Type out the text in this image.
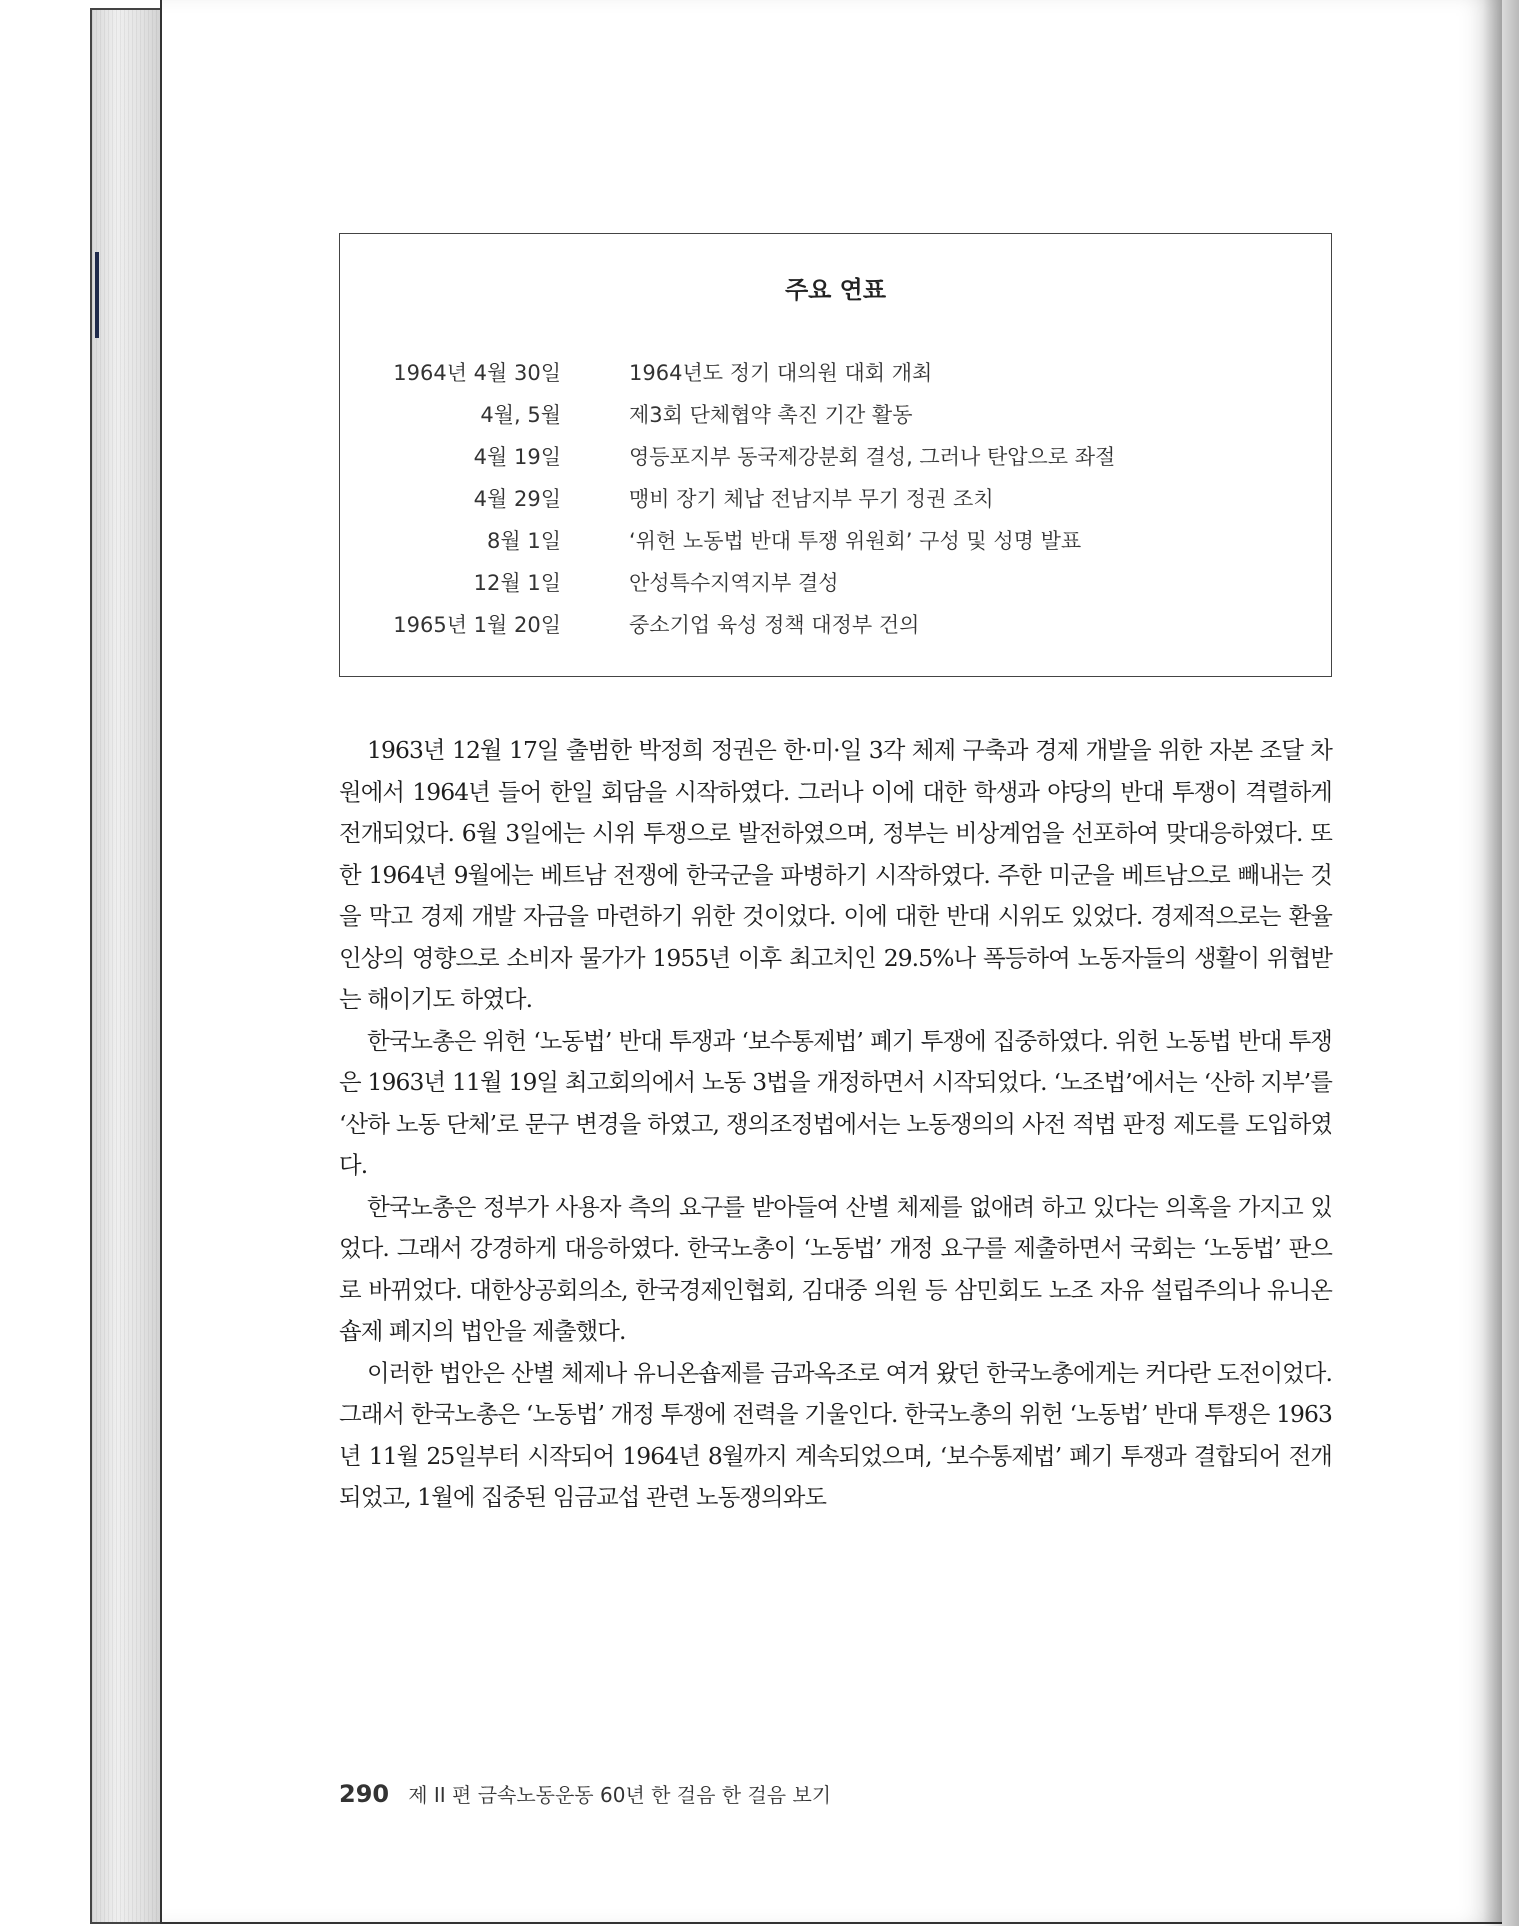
주요 연표
1964년 4월 30일	1964년도 정기 대의원 대회 개최
4월, 5월	제3회 단체협약 촉진 기간 활동
4월 19일	영등포지부 동국제강분회 결성, 그러나 탄압으로 좌절
4월 29일	맹비 장기 체납 전남지부 무기 정권 조치
8월 1일	‘위헌 노동법 반대 투쟁 위원회’ 구성 및 성명 발표
12월 1일	안성특수지역지부 결성
1965년 1월 20일	중소기업 육성 정책 대정부 건의

1963년 12월 17일 출범한 박정희 정권은 한·미·일 3각 체제 구축과 경제 개발을 위한 자본 조달 차원에서 1964년 들어 한일 회담을 시작하였다. 그러나 이에 대한 학생과 야당의 반대 투쟁이 격렬하게 전개되었다. 6월 3일에는 시위 투쟁으로 발전하였으며, 정부는 비상계엄을 선포하여 맞대응하였다. 또한 1964년 9월에는 베트남 전쟁에 한국군을 파병하기 시작하였다. 주한 미군을 베트남으로 빼내는 것을 막고 경제 개발 자금을 마련하기 위한 것이었다. 이에 대한 반대 시위도 있었다. 경제적으로는 환율 인상의 영향으로 소비자 물가가 1955년 이후 최고치인 29.5%나 폭등하여 노동자들의 생활이 위협받는 해이기도 하였다.

한국노총은 위헌 ‘노동법’ 반대 투쟁과 ‘보수통제법’ 폐기 투쟁에 집중하였다. 위헌 노동법 반대 투쟁은 1963년 11월 19일 최고회의에서 노동 3법을 개정하면서 시작되었다. ‘노조법’에서는 ‘산하 지부’를 ‘산하 노동 단체’로 문구 변경을 하였고, 쟁의조정법에서는 노동쟁의의 사전 적법 판정 제도를 도입하였다.

한국노총은 정부가 사용자 측의 요구를 받아들여 산별 체제를 없애려 하고 있다는 의혹을 가지고 있었다. 그래서 강경하게 대응하였다. 한국노총이 ‘노동법’ 개정 요구를 제출하면서 국회는 ‘노동법’ 판으로 바뀌었다. 대한상공회의소, 한국경제인협회, 김대중 의원 등 삼민회도 노조 자유 설립주의나 유니온숍제 폐지의 법안을 제출했다.

이러한 법안은 산별 체제나 유니온숍제를 금과옥조로 여겨 왔던 한국노총에게는 커다란 도전이었다. 그래서 한국노총은 ‘노동법’ 개정 투쟁에 전력을 기울인다. 한국노총의 위헌 ‘노동법’ 반대 투쟁은 1963년 11월 25일부터 시작되어 1964년 8월까지 계속되었으며, ‘보수통제법’ 폐기 투쟁과 결합되어 전개되었고, 1월에 집중된 임금교섭 관련 노동쟁의와도

290 제 II 편 금속노동운동 60년 한 걸음 한 걸음 보기
